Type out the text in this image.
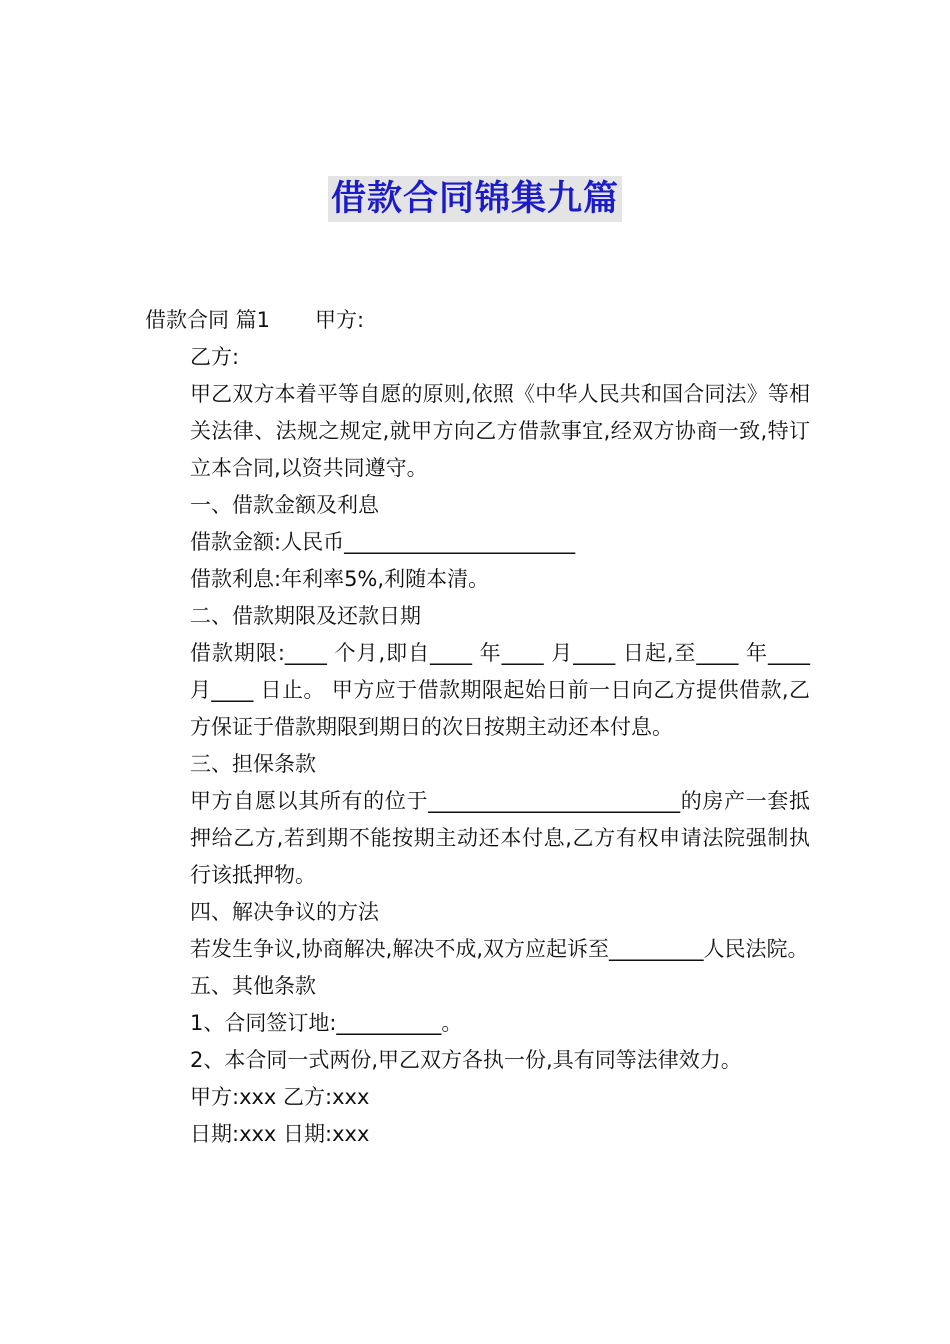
借款合同锦集九篇

借款合同 篇1 甲方:

乙方:

甲乙双方本着平等自愿的原则,依照《中华人民共和国合同法》等相关法律、法规之规定,就甲方向乙方借款事宜,经双方协商一致,特订立本合同,以资共同遵守。

一、借款金额及利息

借款金额:人民币______________________

借款利息:年利率5%,利随本清。

二、借款期限及还款日期

借款期限:____ 个月,即自____ 年____ 月____ 日起,至____ 年____ 月____ 日止。 甲方应于借款期限起始日前一日向乙方提供借款,乙方保证于借款期限到期日的次日按期主动还本付息。

三、担保条款

甲方自愿以其所有的位于________________________的房产一套抵押给乙方,若到期不能按期主动还本付息,乙方有权申请法院强制执行该抵押物。

四、解决争议的方法

若发生争议,协商解决,解决不成,双方应起诉至_________人民法院。

五、其他条款

1、合同签订地:__________。

2、本合同一式两份,甲乙双方各执一份,具有同等法律效力。

甲方:xxx 乙方:xxx

日期:xxx 日期:xxx
